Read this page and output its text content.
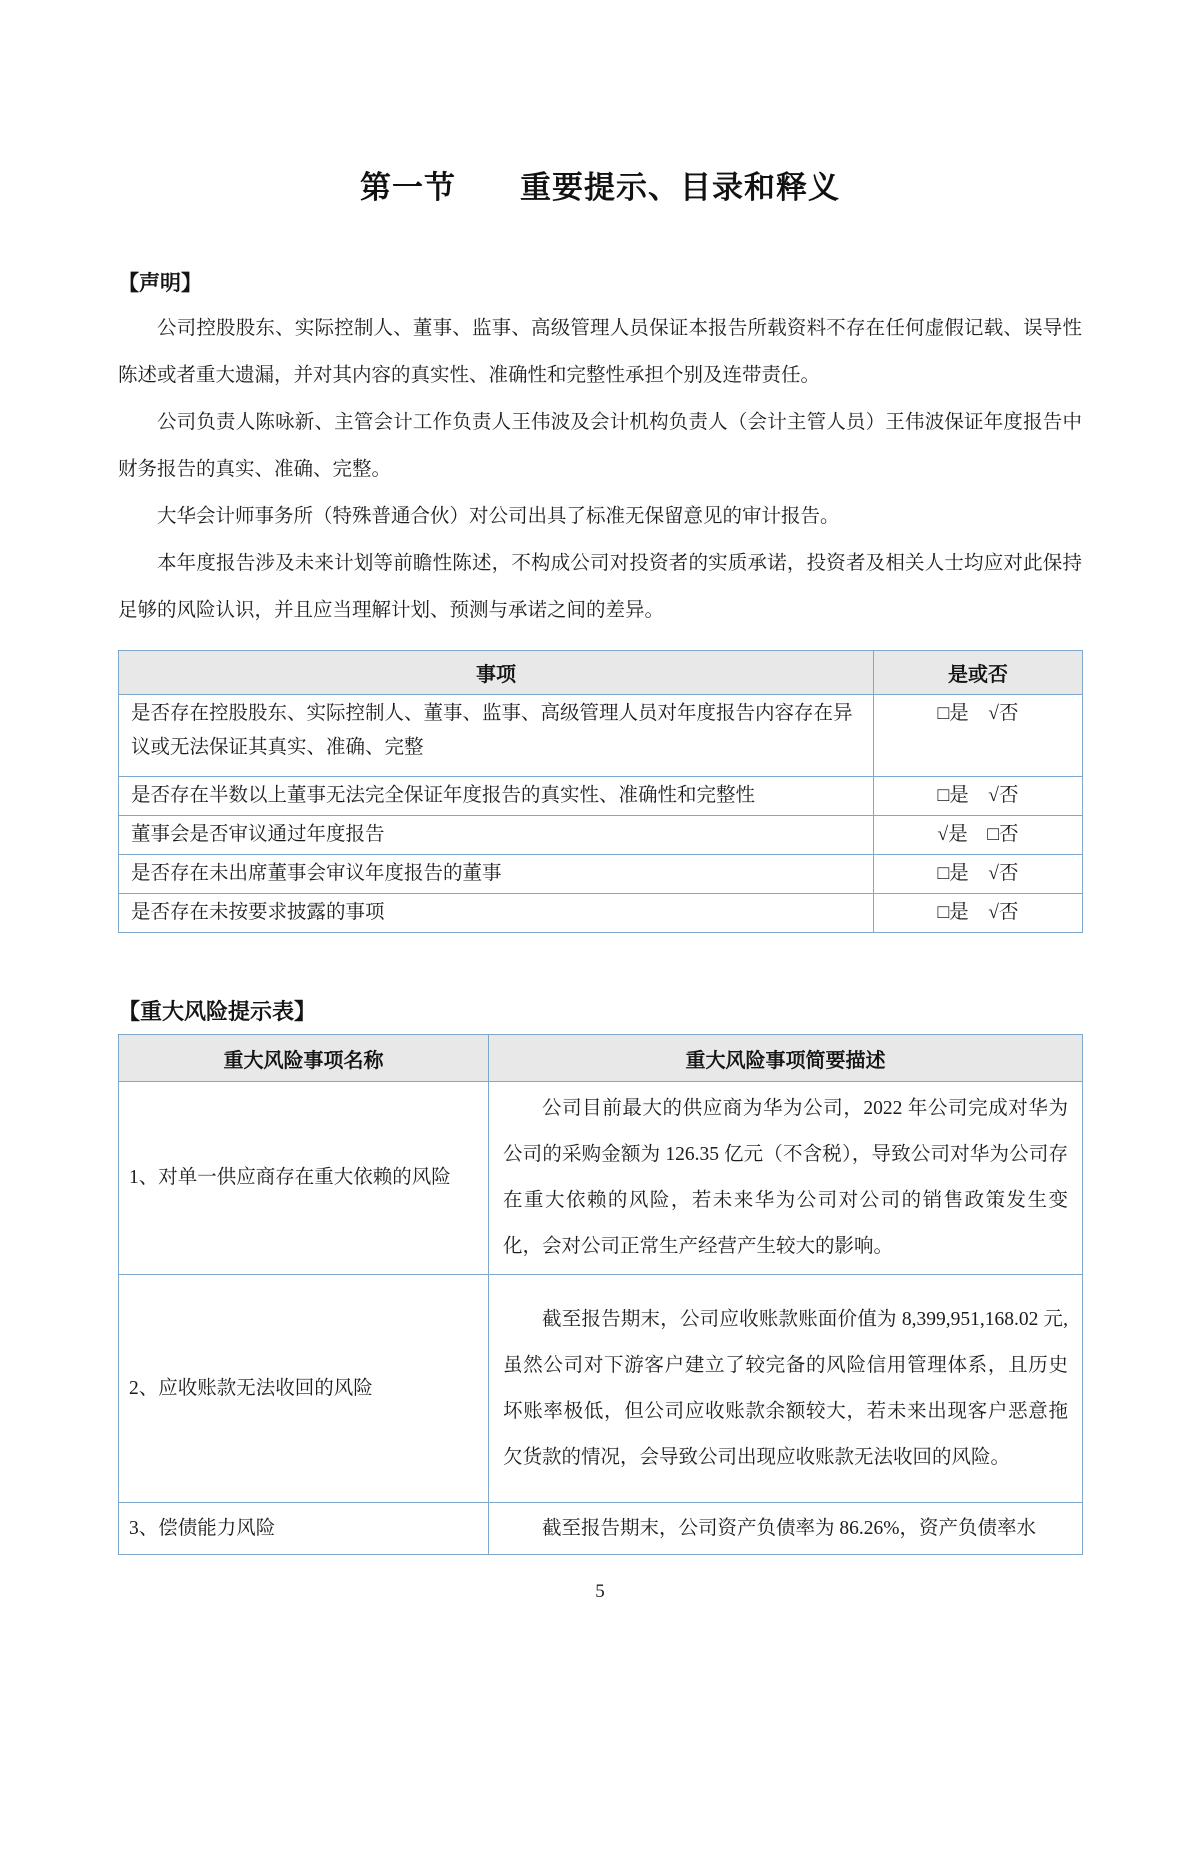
第一节　　重要提示、目录和释义
【声明】

公司控股股东、实际控制人、董事、监事、高级管理人员保证本报告所载资料不存在任何虚假记载、误导性陈述或者重大遗漏，并对其内容的真实性、准确性和完整性承担个别及连带责任。

公司负责人陈咏新、主管会计工作负责人王伟波及会计机构负责人（会计主管人员）王伟波保证年度报告中财务报告的真实、准确、完整。

大华会计师事务所（特殊普通合伙）对公司出具了标准无保留意见的审计报告。

本年度报告涉及未来计划等前瞻性陈述，不构成公司对投资者的实质承诺，投资者及相关人士均应对此保持足够的风险认识，并且应当理解计划、预测与承诺之间的差异。

事项	是或否
是否存在控股股东、实际控制人、董事、监事、高级管理人员对年度报告内容存在异议或无法保证其真实、准确、完整	□是　√否
是否存在半数以上董事无法完全保证年度报告的真实性、准确性和完整性	□是　√否
董事会是否审议通过年度报告	√是　□否
是否存在未出席董事会审议年度报告的董事	□是　√否
是否存在未按要求披露的事项	□是　√否
【重大风险提示表】
重大风险事项名称	重大风险事项简要描述
1、对单一供应商存在重大依赖的风险	公司目前最大的供应商为华为公司，2022 年公司完成对华为公司的采购金额为 126.35 亿元（不含税），导致公司对华为公司存在重大依赖的风险，若未来华为公司对公司的销售政策发生变化，会对公司正常生产经营产生较大的影响。

2、应收账款无法收回的风险	截至报告期末，公司应收账款账面价值为 8,399,951,168.02 元,虽然公司对下游客户建立了较完备的风险信用管理体系，且历史坏账率极低，但公司应收账款余额较大，若未来出现客户恶意拖欠货款的情况，会导致公司出现应收账款无法收回的风险。

3、偿债能力风险	截至报告期末，公司资产负债率为 86.26%，资产负债率水
5
